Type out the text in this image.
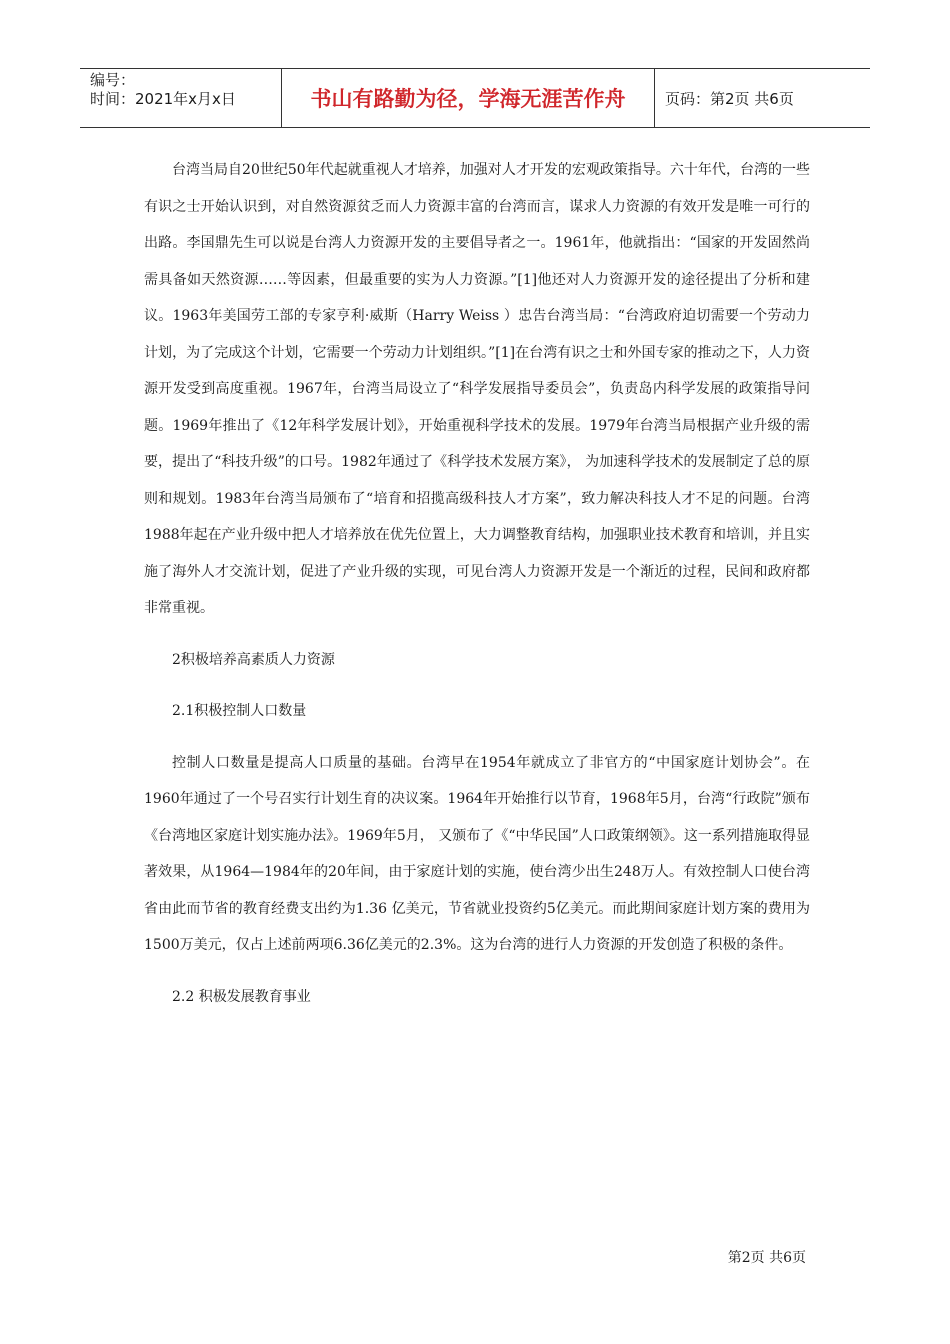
编号：
时间：2021年x月x日	书山有路勤为径，学海无涯苦作舟	页码：第2页 共6页

台湾当局自20世纪50年代起就重视人才培养，加强对人才开发的宏观政策指导。六十年代，台湾的一些有识之士开始认识到，对自然资源贫乏而人力资源丰富的台湾而言，谋求人力资源的有效开发是唯一可行的出路。李国鼎先生可以说是台湾人力资源开发的主要倡导者之一。1961年，他就指出：“国家的开发固然尚需具备如天然资源……等因素，但最重要的实为人力资源。”[1]他还对人力资源开发的途径提出了分析和建议。1963年美国劳工部的专家亨利·威斯（Harry Weiss ）忠告台湾当局：“台湾政府迫切需要一个劳动力计划，为了完成这个计划，它需要一个劳动力计划组织。”[1]在台湾有识之士和外国专家的推动之下，人力资源开发受到高度重视。1967年，台湾当局设立了“科学发展指导委员会”，负责岛内科学发展的政策指导问题。1969年推出了《12年科学发展计划》，开始重视科学技术的发展。1979年台湾当局根据产业升级的需要，提出了“科技升级”的口号。1982年通过了《科学技术发展方案》， 为加速科学技术的发展制定了总的原则和规划。1983年台湾当局颁布了“培育和招揽高级科技人才方案”，致力解决科技人才不足的问题。台湾1988年起在产业升级中把人才培养放在优先位置上，大力调整教育结构，加强职业技术教育和培训，并且实施了海外人才交流计划，促进了产业升级的实现，可见台湾人力资源开发是一个渐近的过程，民间和政府都非常重视。

2积极培养高素质人力资源

2.1积极控制人口数量

控制人口数量是提高人口质量的基础。台湾早在1954年就成立了非官方的“中国家庭计划协会”。在1960年通过了一个号召实行计划生育的决议案。1964年开始推行以节育，1968年5月，台湾“行政院”颁布《台湾地区家庭计划实施办法》。1969年5月， 又颁布了《“中华民国”人口政策纲领》。这一系列措施取得显著效果，从1964—1984年的20年间，由于家庭计划的实施，使台湾少出生248万人。有效控制人口使台湾省由此而节省的教育经费支出约为1.36 亿美元，节省就业投资约5亿美元。而此期间家庭计划方案的费用为1500万美元，仅占上述前两项6.36亿美元的2.3%。这为台湾的进行人力资源的开发创造了积极的条件。

2.2 积极发展教育事业

第2页 共6页
